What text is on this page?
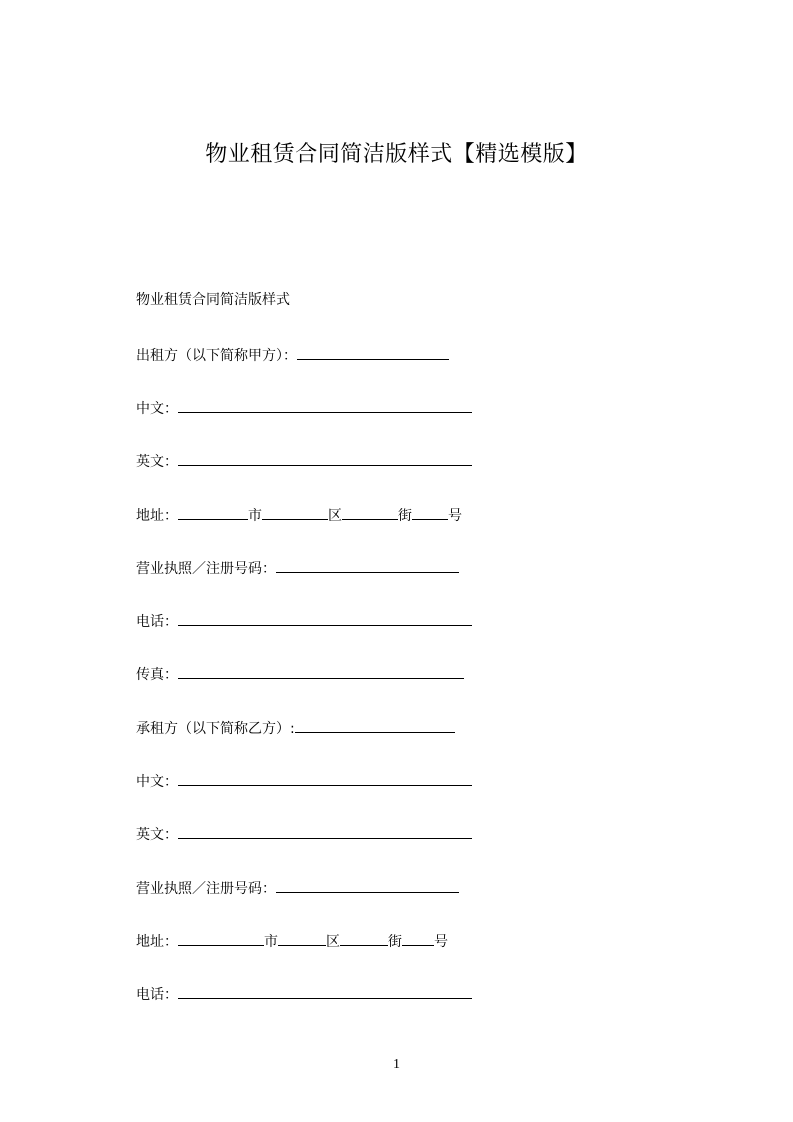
物业租赁合同简洁版样式【精选模版】
物业租赁合同简洁版样式
出租方（以下简称甲方）：
中文：
英文：
地址：	市	区	街	号
营业执照／注册号码：
电话：
传真：
承租方（以下简称乙方）:
中文：
英文：
营业执照／注册号码：
地址：	市	区	街 号
电话：
1
